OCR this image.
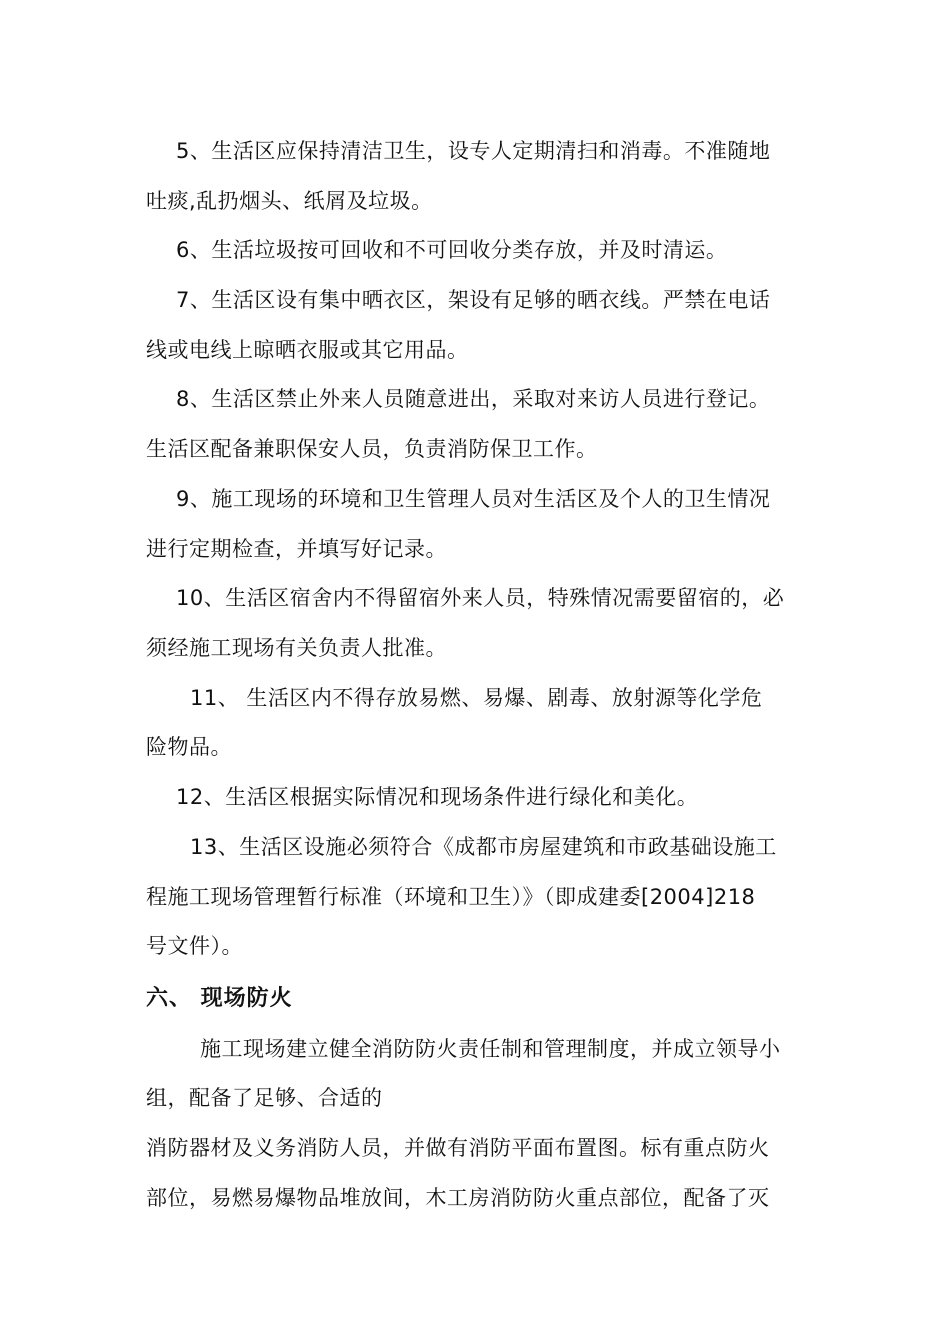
5、生活区应保持清洁卫生，设专人定期清扫和消毒。不准随地
吐痰,乱扔烟头、纸屑及垃圾。
6、生活垃圾按可回收和不可回收分类存放，并及时清运。
7、生活区设有集中晒衣区，架设有足够的晒衣线。严禁在电话
线或电线上晾晒衣服或其它用品。
8、生活区禁止外来人员随意进出，采取对来访人员进行登记。
生活区配备兼职保安人员，负责消防保卫工作。
9、施工现场的环境和卫生管理人员对生活区及个人的卫生情况
进行定期检查，并填写好记录。
10、生活区宿舍内不得留宿外来人员，特殊情况需要留宿的，必
须经施工现场有关负责人批准。
11、 生活区内不得存放易燃、易爆、剧毒、放射源等化学危
险物品。
12、生活区根据实际情况和现场条件进行绿化和美化。
13、生活区设施必须符合《成都市房屋建筑和市政基础设施工
程施工现场管理暂行标准（环境和卫生）》（即成建委[2004]218
号文件）。
六、 现场防火
施工现场建立健全消防防火责任制和管理制度，并成立领导小
组，配备了足够、合适的
消防器材及义务消防人员，并做有消防平面布置图。标有重点防火
部位，易燃易爆物品堆放间，木工房消防防火重点部位，配备了灭
